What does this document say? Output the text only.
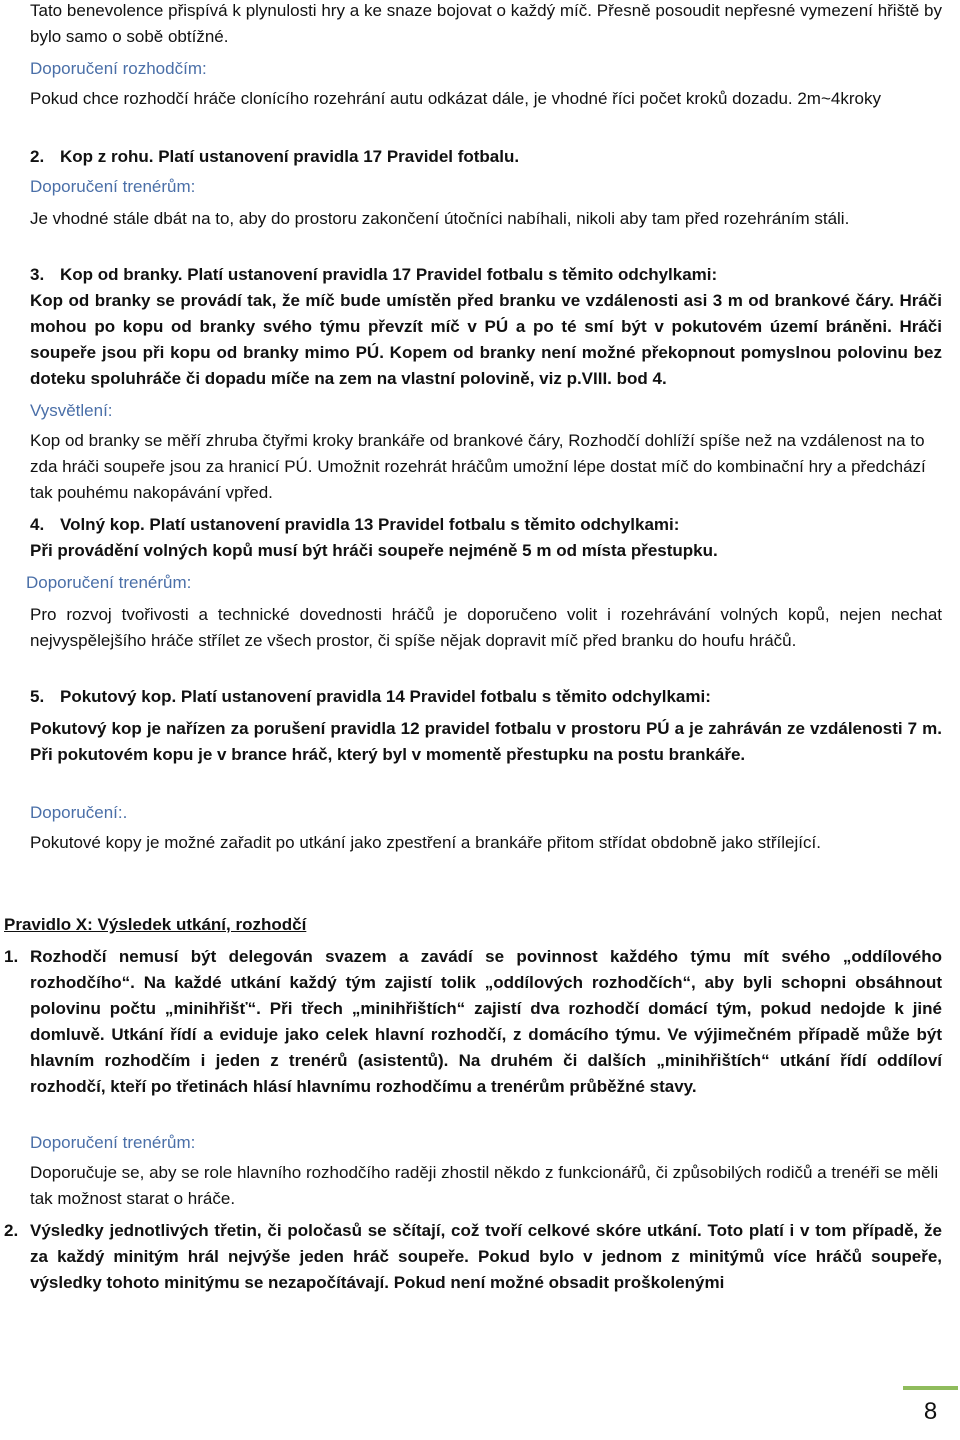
Tato benevolence přispívá k plynulosti hry a ke snaze bojovat o každý míč. Přesně posoudit nepřesné vymezení hřiště by bylo samo o sobě obtížné.

Doporučení rozhodčím:

Pokud chce rozhodčí hráče clonícího rozehrání autu odkázat dále, je vhodné říci počet kroků dozadu. 2m~4kroky

2. Kop z rohu. Platí ustanovení pravidla 17 Pravidel fotbalu.

Doporučení trenérům:

Je vhodné stále dbát na to, aby do prostoru zakončení útočníci nabíhali, nikoli aby tam před rozehráním stáli.

3. Kop od branky. Platí ustanovení pravidla 17 Pravidel fotbalu s těmito odchylkami:

Kop od branky se provádí tak, že míč bude umístěn před branku ve vzdálenosti asi 3 m od brankové čáry. Hráči mohou po kopu od branky svého týmu převzít míč v PÚ a po té smí být v pokutovém území bráněni. Hráči soupeře jsou při kopu od branky mimo PÚ. Kopem od branky není možné překopnout pomyslnou polovinu bez doteku spoluhráče či dopadu míče na zem na vlastní polovině, viz p.VIII. bod 4.

Vysvětlení:

Kop od branky se měří zhruba čtyřmi kroky brankáře od brankové čáry, Rozhodčí dohlíží spíše než na vzdálenost na to zda hráči soupeře jsou za hranicí PÚ. Umožnit rozehrát hráčům umožní lépe dostat míč do kombinační hry a předchází tak pouhému nakopávání vpřed.

4. Volný kop. Platí ustanovení pravidla 13 Pravidel fotbalu s těmito odchylkami:

Při provádění volných kopů musí být hráči soupeře nejméně 5 m od místa přestupku.

Doporučení trenérům:

Pro rozvoj tvořivosti a technické dovednosti hráčů je doporučeno volit i rozehrávání volných kopů, nejen nechat nejvyspělejšího hráče střílet ze všech prostor, či spíše nějak dopravit míč před branku do houfu hráčů.

5. Pokutový kop. Platí ustanovení pravidla 14 Pravidel fotbalu s těmito odchylkami:

Pokutový kop je nařízen za porušení pravidla 12 pravidel fotbalu v prostoru PÚ a je zahráván ze vzdálenosti 7 m. Při pokutovém kopu je v brance hráč, který byl v momentě přestupku na postu brankáře.

Doporučení:.

Pokutové kopy je možné zařadit po utkání jako zpestření a brankáře přitom střídat obdobně jako střílející.

Pravidlo X: Výsledek utkání, rozhodčí

1. Rozhodčí nemusí být delegován svazem a zavádí se povinnost každého týmu mít svého „oddílového rozhodčího“. Na každé utkání každý tým zajistí tolik „oddílových rozhodčích“, aby byli schopni obsáhnout polovinu počtu „minihřišť“. Při třech „minihřištích“ zajistí dva rozhodčí domácí tým, pokud nedojde k jiné domluvě. Utkání řídí a eviduje jako celek hlavní rozhodčí, z domácího týmu. Ve výjimečném případě může být hlavním rozhodčím i jeden z trenérů (asistentů). Na druhém či dalších „minihřištích“ utkání řídí oddíloví rozhodčí, kteří po třetinách hlásí hlavnímu rozhodčímu a trenérům průběžné stavy.

Doporučení trenérům:

Doporučuje se, aby se role hlavního rozhodčího raději zhostil někdo z funkcionářů, či způsobilých rodičů a trenéři se měli tak možnost starat o hráče.

2. Výsledky jednotlivých třetin, či poločasů se sčítají, což tvoří celkové skóre utkání. Toto platí i v tom případě, že za každý minitým hrál nejvýše jeden hráč soupeře. Pokud bylo v jednom z minitýmů více hráčů soupeře, výsledky tohoto minitýmu se nezapočítávají. Pokud není možné obsadit proškolenými
8
